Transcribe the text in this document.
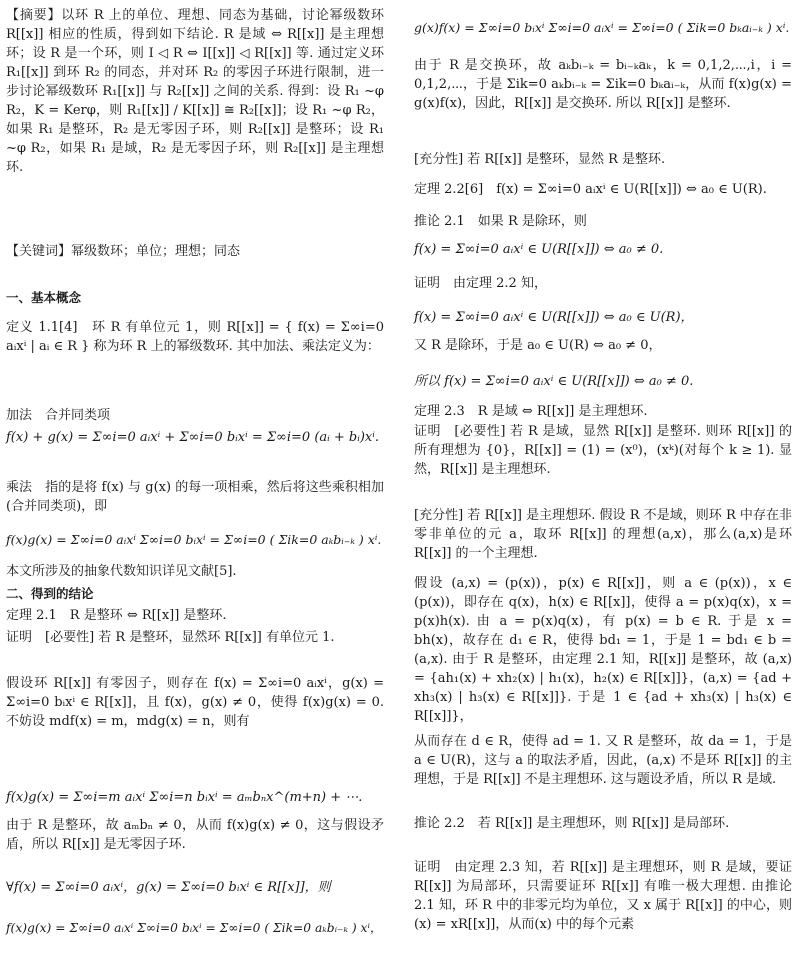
【摘要】以环 R 上的单位、理想、同态为基础，讨论幂级数环 R[[x]] 相应的性质，得到如下结论. R 是域 ⇔ R[[x]] 是主理想环；设 R 是一个环，则 I ◁ R ⇔ I[[x]] ◁ R[[x]] 等. 通过定义环 R₁[[x]] 到环 R₂ 的同态，并对环 R₂ 的零因子环进行限制，进一步讨论幂级数环 R₁[[x]] 与 R₂[[x]] 之间的关系. 得到：设 R₁ ~φ R₂，K = Kerφ，则 R₁[[x]] / K[[x]] ≅ R₂[[x]]；设 R₁ ~φ R₂，如果 R₁ 是整环，R₂ 是无零因子环，则 R₂[[x]] 是整环；设 R₁ ~φ R₂，如果 R₁ 是域，R₂ 是无零因子环，则 R₂[[x]] 是主理想环.
【关键词】幂级数环；单位；理想；同态
一、基本概念
定义 1.1[4]　环 R 有单位元 1，则 R[[x]] = { f(x) = Σ∞i=0 aᵢxⁱ | aᵢ ∈ R } 称为环 R 上的幂级数环. 其中加法、乘法定义为：
加法　合并同类项
f(x) + g(x) = Σ∞i=0 aᵢxⁱ + Σ∞i=0 bᵢxⁱ = Σ∞i=0 (aᵢ + bᵢ)xⁱ.
乘法　指的是将 f(x) 与 g(x) 的每一项相乘，然后将这些乘积相加(合并同类项)，即
f(x)g(x) = Σ∞i=0 aᵢxⁱ Σ∞i=0 bᵢxⁱ = Σ∞i=0 ( Σik=0 aₖbᵢ₋ₖ ) xⁱ.
本文所涉及的抽象代数知识详见文献[5].
二、得到的结论
定理 2.1　R 是整环 ⇔ R[[x]] 是整环.
证明　[必要性] 若 R 是整环，显然环 R[[x]] 有单位元 1.
假设环 R[[x]] 有零因子，则存在 f(x) = Σ∞i=0 aᵢxⁱ，g(x) = Σ∞i=0 bᵢxⁱ ∈ R[[x]]，且 f(x)，g(x) ≠ 0，使得 f(x)g(x) = 0. 不妨设 mdf(x) = m，mdg(x) = n，则有
f(x)g(x) = Σ∞i=m aᵢxⁱ Σ∞i=n bᵢxⁱ = aₘbₙx^(m+n) + ⋯.
由于 R 是整环，故 aₘbₙ ≠ 0，从而 f(x)g(x) ≠ 0，这与假设矛盾，所以 R[[x]] 是无零因子环.
∀f(x) = Σ∞i=0 aᵢxⁱ，g(x) = Σ∞i=0 bᵢxⁱ ∈ R[[x]]，则
f(x)g(x) = Σ∞i=0 aᵢxⁱ Σ∞i=0 bᵢxⁱ = Σ∞i=0 ( Σik=0 aₖbᵢ₋ₖ ) xⁱ，
g(x)f(x) = Σ∞i=0 bᵢxⁱ Σ∞i=0 aᵢxⁱ = Σ∞i=0 ( Σik=0 bₖaᵢ₋ₖ ) xⁱ.
由于 R 是交换环，故 aₖbᵢ₋ₖ = bᵢ₋ₖaₖ，k = 0,1,2,⋯,i，i = 0,1,2,⋯，于是 Σik=0 aₖbᵢ₋ₖ = Σik=0 bₖaᵢ₋ₖ，从而 f(x)g(x) = g(x)f(x)，因此，R[[x]] 是交换环. 所以 R[[x]] 是整环.
[充分性] 若 R[[x]] 是整环，显然 R 是整环.
定理 2.2[6]　f(x) = Σ∞i=0 aᵢxⁱ ∈ U(R[[x]]) ⇔ a₀ ∈ U(R).
推论 2.1　如果 R 是除环，则
f(x) = Σ∞i=0 aᵢxⁱ ∈ U(R[[x]]) ⇔ a₀ ≠ 0.
证明　由定理 2.2 知，
f(x) = Σ∞i=0 aᵢxⁱ ∈ U(R[[x]]) ⇔ a₀ ∈ U(R)，
又 R 是除环，于是 a₀ ∈ U(R) ⇔ a₀ ≠ 0，
所以 f(x) = Σ∞i=0 aᵢxⁱ ∈ U(R[[x]]) ⇔ a₀ ≠ 0.
定理 2.3　R 是域 ⇔ R[[x]] 是主理想环.
证明　[必要性] 若 R 是域，显然 R[[x]] 是整环. 则环 R[[x]] 的所有理想为 {0}，R[[x]] = (1) = (x⁰)，(xᵏ)(对每个 k ≥ 1). 显然，R[[x]] 是主理想环.
[充分性] 若 R[[x]] 是主理想环. 假设 R 不是域，则环 R 中存在非零非单位的元 a，取环 R[[x]] 的理想(a,x)，那么(a,x)是环 R[[x]] 的一个主理想.
假设 (a,x) = (p(x))，p(x) ∈ R[[x]]，则 a ∈ (p(x))，x ∈ (p(x))，即存在 q(x)，h(x) ∈ R[[x]]，使得 a = p(x)q(x)，x = p(x)h(x). 由 a = p(x)q(x)，有 p(x) = b ∈ R. 于是 x = bh(x)，故存在 d₁ ∈ R，使得 bd₁ = 1，于是 1 = bd₁ ∈ b = (a,x). 由于 R 是整环，由定理 2.1 知，R[[x]] 是整环，故 (a,x) = {ah₁(x) + xh₂(x) | h₁(x)，h₂(x) ∈ R[[x]]}，(a,x) = {ad + xh₃(x) | h₃(x) ∈ R[[x]]}. 于是 1 ∈ {ad + xh₃(x) | h₃(x) ∈ R[[x]]}，
从而存在 d ∈ R，使得 ad = 1. 又 R 是整环，故 da = 1，于是 a ∈ U(R)，这与 a 的取法矛盾，因此，(a,x) 不是环 R[[x]] 的主理想，于是 R[[x]] 不是主理想环. 这与题设矛盾，所以 R 是域.
推论 2.2　若 R[[x]] 是主理想环，则 R[[x]] 是局部环.
证明　由定理 2.3 知，若 R[[x]] 是主理想环，则 R 是域，要证 R[[x]] 为局部环，只需要证环 R[[x]] 有唯一极大理想. 由推论 2.1 知，环 R 中的非零元均为单位，又 x 属于 R[[x]] 的中心，则(x) = xR[[x]]，从而(x) 中的每个元素
